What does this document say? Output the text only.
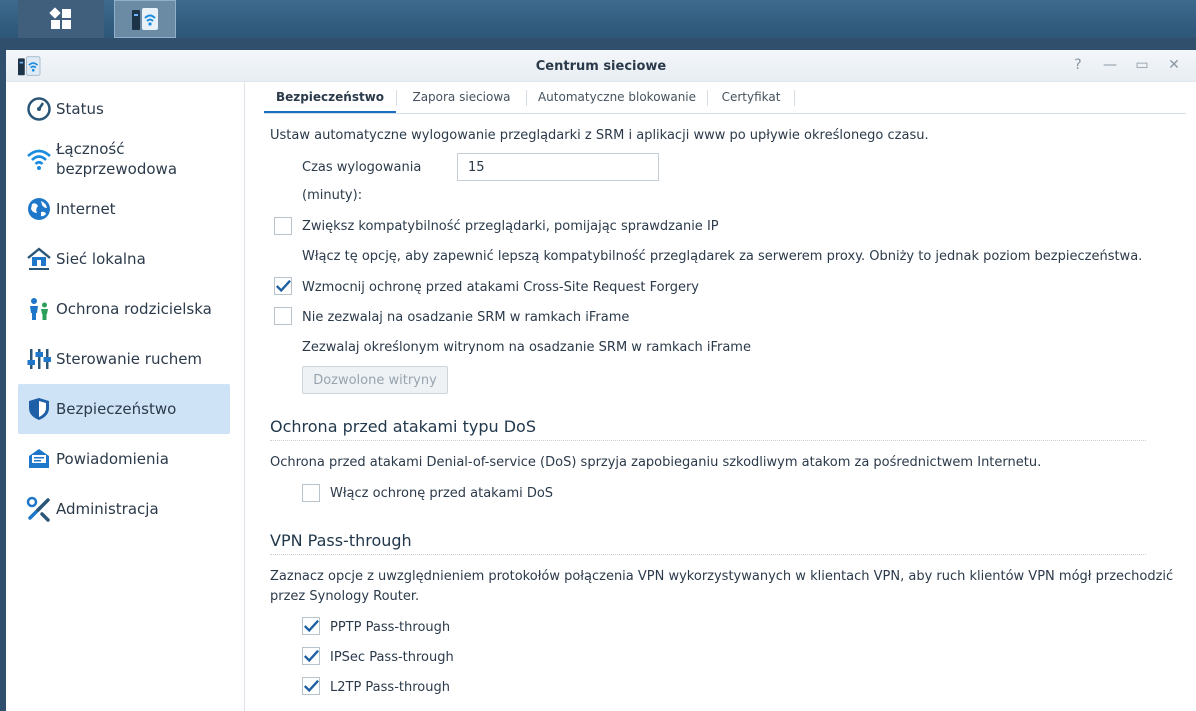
Centrum sieciowe	?	— ▭ ✕
Status
Łączność
bezprzewodowa
Internet
Sieć lokalna
Ochrona rodzicielska
Sterowanie ruchem
Bezpieczeństwo
Powiadomienia
Administracja
Bezpieczeństwo	Zapora sieciowa	Automatyczne blokowanie	Certyfikat
Ustaw automatyczne wylogowanie przeglądarki z SRM i aplikacji www po upływie określonego czasu.
Czas wylogowania
(minuty):
15
Zwiększ kompatybilność przeglądarki, pomijając sprawdzanie IP
Włącz tę opcję, aby zapewnić lepszą kompatybilność przeglądarek za serwerem proxy. Obniży to jednak poziom bezpieczeństwa.
Wzmocnij ochronę przed atakami Cross-Site Request Forgery
Nie zezwalaj na osadzanie SRM w ramkach iFrame
Zezwalaj określonym witrynom na osadzanie SRM w ramkach iFrame
Dozwolone witryny
Ochrona przed atakami typu DoS
Ochrona przed atakami Denial-of-service (DoS) sprzyja zapobieganiu szkodliwym atakom za pośrednictwem Internetu.
Włącz ochronę przed atakami DoS
VPN Pass-through
Zaznacz opcje z uwzględnieniem protokołów połączenia VPN wykorzystywanych w klientach VPN, aby ruch klientów VPN mógł przechodzić
przez Synology Router.
PPTP Pass-through
IPSec Pass-through
L2TP Pass-through
